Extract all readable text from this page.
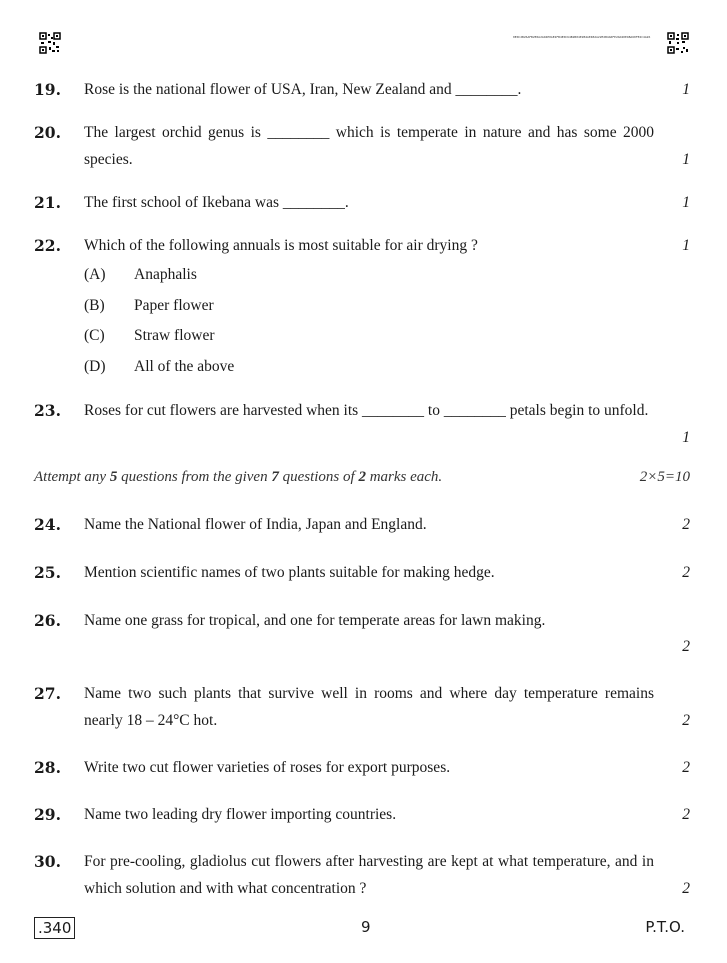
0E0C2B26AFB2E0A2AD4E0AE2FB4E0C64B2B04E2B4AE4B2A22E2B4A0FE2AD40E4BA60FE2C4A26
19. Rose is the national flower of USA, Iran, New Zealand and ________.	1
20. The largest orchid genus is ________ which is temperate in nature and has some 2000 species.	1
21. The first school of Ikebana was ________.	1
22. Which of the following annuals is most suitable for air drying ?	1
(A) Anaphalis
(B) Paper flower
(C) Straw flower
(D) All of the above
23. Roses for cut flowers are harvested when its ________ to ________ petals begin to unfold.
1
Attempt any 5 questions from the given 7 questions of 2 marks each.	2×5=10
24. Name the National flower of India, Japan and England.	2
25. Mention scientific names of two plants suitable for making hedge.	2
26. Name one grass for tropical, and one for temperate areas for lawn making.
2
27. Name two such plants that survive well in rooms and where day temperature remains nearly 18 – 24°C hot.	2
28. Write two cut flower varieties of roses for export purposes.	2
29. Name two leading dry flower importing countries.	2
30. For pre-cooling, gladiolus cut flowers after harvesting are kept at what temperature, and in which solution and with what concentration ?	2
.340	9	P.T.O.
